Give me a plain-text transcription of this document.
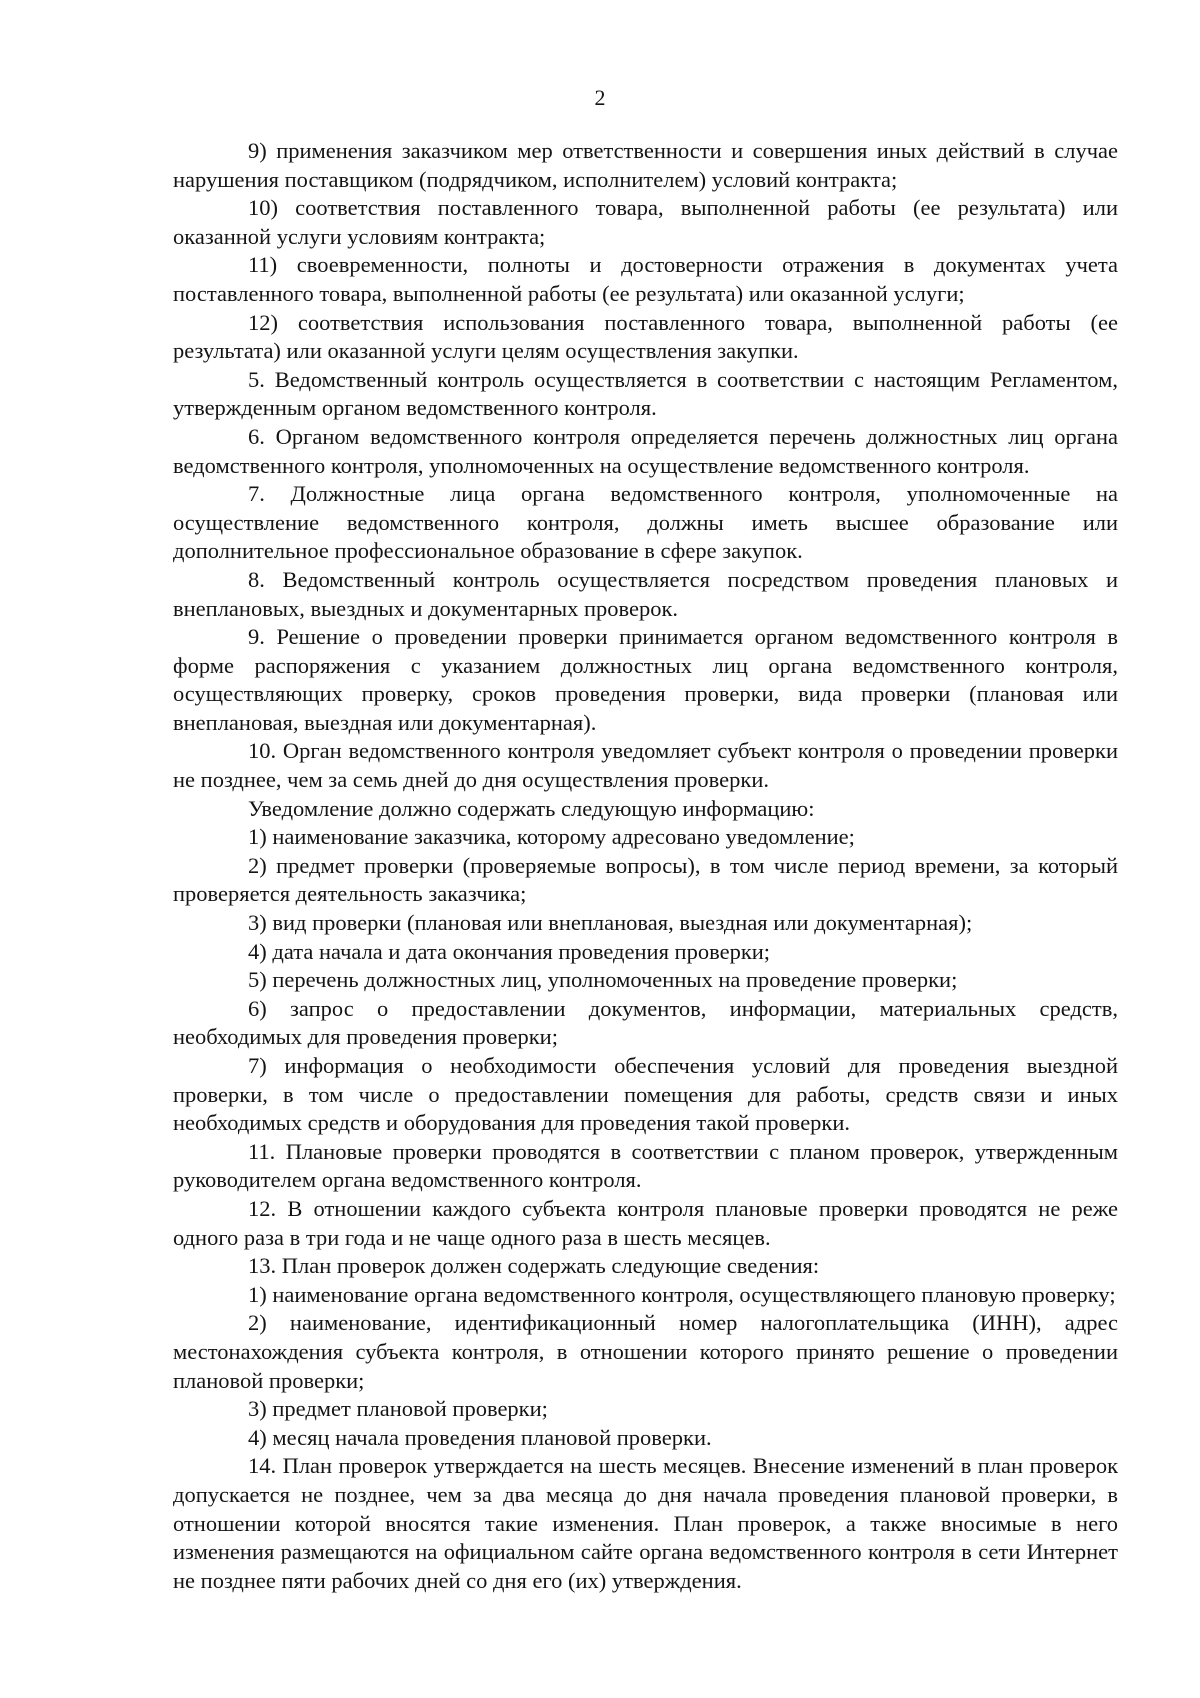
2

9) применения заказчиком мер ответственности и совершения иных действий в случае нарушения поставщиком (подрядчиком, исполнителем) условий контракта;

10) соответствия поставленного товара, выполненной работы (ее результата) или оказанной услуги условиям контракта;

11) своевременности, полноты и достоверности отражения в документах учета поставленного товара, выполненной работы (ее результата) или оказанной услуги;

12) соответствия использования поставленного товара, выполненной работы (ее результата) или оказанной услуги целям осуществления закупки.

5. Ведомственный контроль осуществляется в соответствии с настоящим Регламентом, утвержденным органом ведомственного контроля.

6. Органом ведомственного контроля определяется перечень должностных лиц органа ведомственного контроля, уполномоченных на осуществление ведомственного контроля.

7. Должностные лица органа ведомственного контроля, уполномоченные на осуществление ведомственного контроля, должны иметь высшее образование или дополнительное профессиональное образование в сфере закупок.

8. Ведомственный контроль осуществляется посредством проведения плановых и внеплановых, выездных и документарных проверок.

9. Решение о проведении проверки принимается органом ведомственного контроля в форме распоряжения с указанием должностных лиц органа ведомственного контроля, осуществляющих проверку, сроков проведения проверки, вида проверки (плановая или внеплановая, выездная или документарная).

10. Орган ведомственного контроля уведомляет субъект контроля о проведении проверки не позднее, чем за семь дней до дня осуществления проверки.

Уведомление должно содержать следующую информацию:

1) наименование заказчика, которому адресовано уведомление;

2) предмет проверки (проверяемые вопросы), в том числе период времени, за который проверяется деятельность заказчика;

3) вид проверки (плановая или внеплановая, выездная или документарная);

4) дата начала и дата окончания проведения проверки;

5) перечень должностных лиц, уполномоченных на проведение проверки;

6) запрос о предоставлении документов, информации, материальных средств, необходимых для проведения проверки;

7) информация о необходимости обеспечения условий для проведения выездной проверки, в том числе о предоставлении помещения для работы, средств связи и иных необходимых средств и оборудования для проведения такой проверки.

11. Плановые проверки проводятся в соответствии с планом проверок, утвержденным руководителем органа ведомственного контроля.

12. В отношении каждого субъекта контроля плановые проверки проводятся не реже одного раза в три года и не чаще одного раза в шесть месяцев.

13. План проверок должен содержать следующие сведения:

1) наименование органа ведомственного контроля, осуществляющего плановую проверку;

2) наименование, идентификационный номер налогоплательщика (ИНН), адрес местонахождения субъекта контроля, в отношении которого принято решение о проведении плановой проверки;

3) предмет плановой проверки;

4) месяц начала проведения плановой проверки.

14. План проверок утверждается на шесть месяцев. Внесение изменений в план проверок допускается не позднее, чем за два месяца до дня начала проведения плановой проверки, в отношении которой вносятся такие изменения. План проверок, а также вносимые в него изменения размещаются на официальном сайте органа ведомственного контроля в сети Интернет не позднее пяти рабочих дней со дня его (их) утверждения.
